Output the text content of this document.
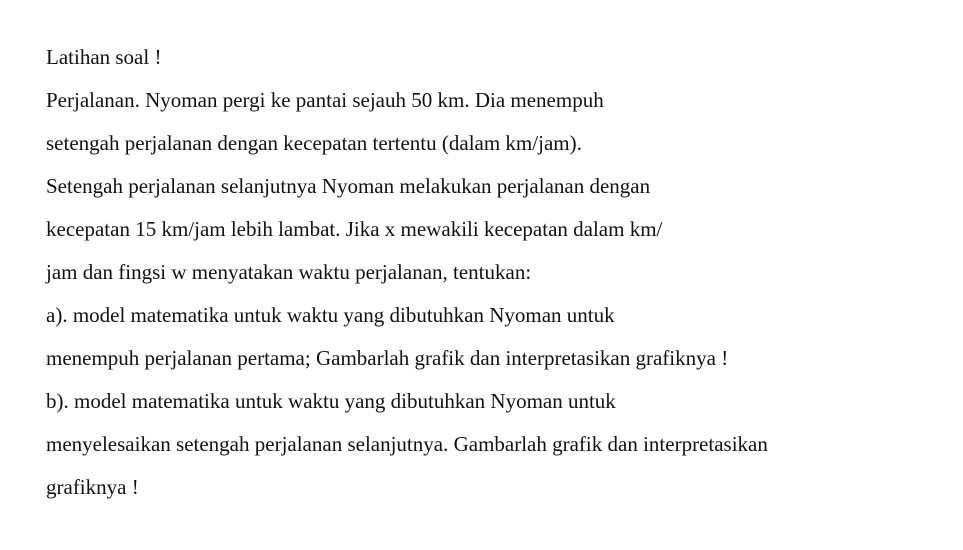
Latihan soal !
Perjalanan. Nyoman pergi ke pantai sejauh 50 km. Dia menempuh
setengah perjalanan dengan kecepatan tertentu (dalam km/jam).
Setengah perjalanan selanjutnya Nyoman melakukan perjalanan dengan
kecepatan 15 km/jam lebih lambat. Jika x mewakili kecepatan dalam km/
jam dan fingsi w menyatakan waktu perjalanan, tentukan:
a). model matematika untuk waktu yang dibutuhkan Nyoman untuk
menempuh perjalanan pertama; Gambarlah grafik dan interpretasikan grafiknya !
b). model matematika untuk waktu yang dibutuhkan Nyoman untuk
menyelesaikan setengah perjalanan selanjutnya. Gambarlah grafik dan interpretasikan
grafiknya !
